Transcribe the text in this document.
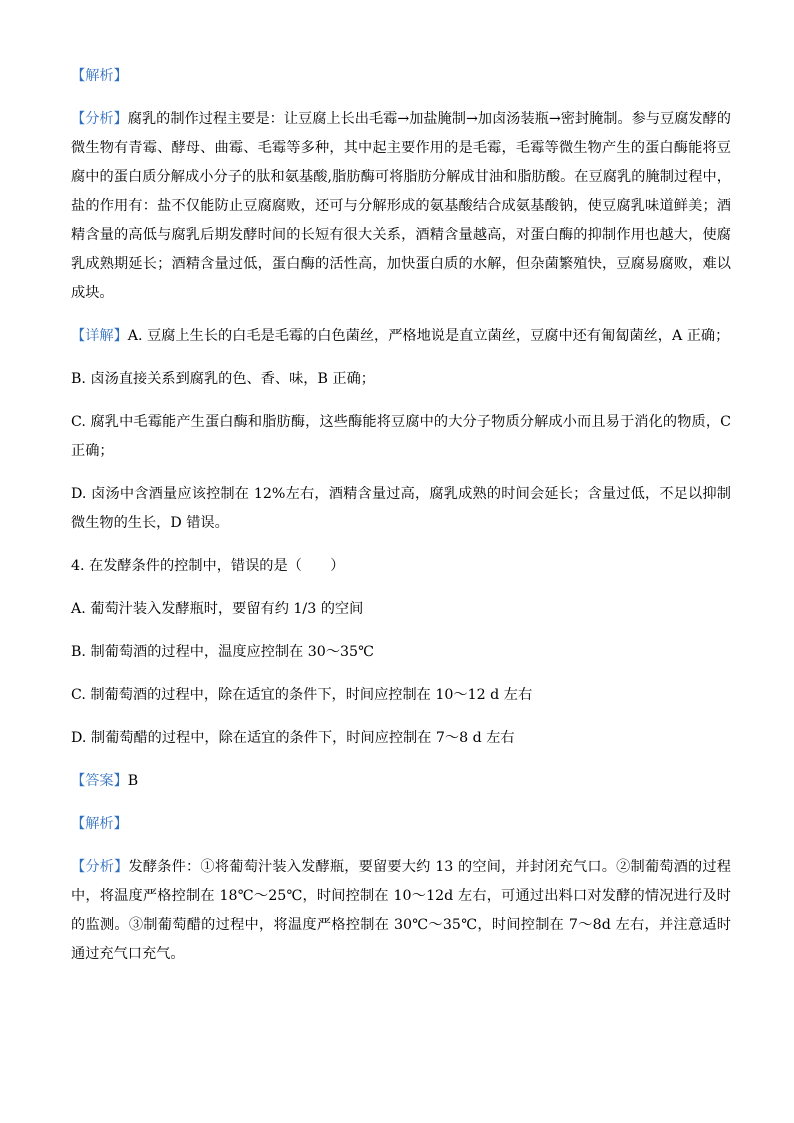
【解析】
【分析】腐乳的制作过程主要是：让豆腐上长出毛霉→加盐腌制→加卤汤装瓶→密封腌制。参与豆腐发酵的微生物有青霉、酵母、曲霉、毛霉等多种，其中起主要作用的是毛霉，毛霉等微生物产生的蛋白酶能将豆腐中的蛋白质分解成小分子的肽和氨基酸,脂肪酶可将脂肪分解成甘油和脂肪酸。在豆腐乳的腌制过程中，盐的作用有：盐不仅能防止豆腐腐败，还可与分解形成的氨基酸结合成氨基酸钠，使豆腐乳味道鲜美；酒精含量的高低与腐乳后期发酵时间的长短有很大关系，酒精含量越高，对蛋白酶的抑制作用也越大，使腐乳成熟期延长；酒精含量过低，蛋白酶的活性高，加快蛋白质的水解，但杂菌繁殖快，豆腐易腐败，难以成块。
【详解】A. 豆腐上生长的白毛是毛霉的白色菌丝，严格地说是直立菌丝，豆腐中还有匍匐菌丝，A 正确；
B. 卤汤直接关系到腐乳的色、香、味，B 正确；
C. 腐乳中毛霉能产生蛋白酶和脂肪酶，这些酶能将豆腐中的大分子物质分解成小而且易于消化的物质，C 正确；
D. 卤汤中含酒量应该控制在 12%左右，酒精含量过高，腐乳成熟的时间会延长；含量过低，不足以抑制微生物的生长，D 错误。
4. 在发酵条件的控制中，错误的是（　　）
A. 葡萄汁装入发酵瓶时，要留有约 1/3 的空间
B. 制葡萄酒的过程中，温度应控制在 30～35℃
C. 制葡萄酒的过程中，除在适宜的条件下，时间应控制在 10～12 d 左右
D. 制葡萄醋的过程中，除在适宜的条件下，时间应控制在 7～8 d 左右
【答案】B
【解析】
【分析】发酵条件：①将葡萄汁装入发酵瓶，要留要大约 13 的空间，并封闭充气口。②制葡萄酒的过程中，将温度严格控制在 18℃～25℃，时间控制在 10～12d 左右，可通过出料口对发酵的情况进行及时的监测。③制葡萄醋的过程中，将温度严格控制在 30℃～35℃，时间控制在 7～8d 左右，并注意适时通过充气口充气。
